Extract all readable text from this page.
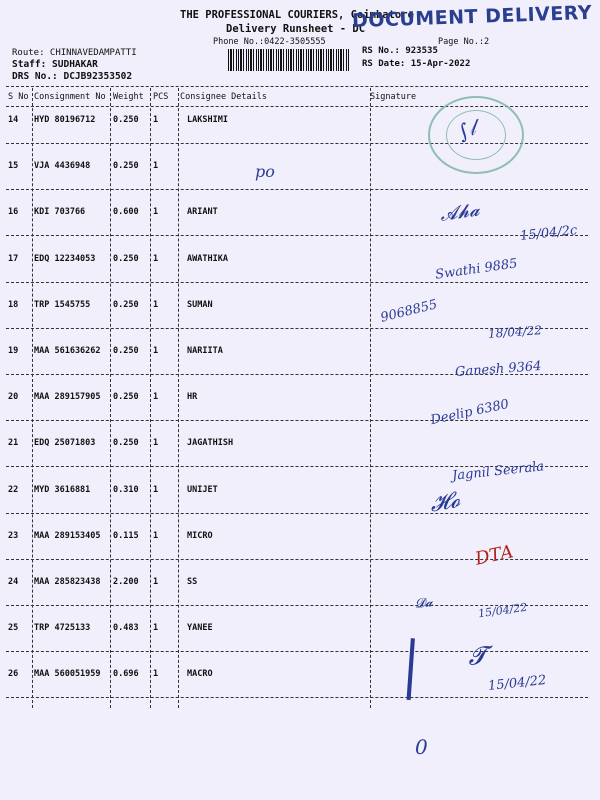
THE PROFESSIONAL COURIERS, Coimbatore
Delivery Runsheet - DC
Phone No.:0422-3505555	Page No.:2
DOCUMENT DELIVERY
Route: CHINNAVEDAMPATTI
Staff: SUDHAKAR
DRS No.: DCJB92353502
RS No.: 923535
RS Date: 15-Apr-2022
S No Consignment No Weight PCS Consignee Details	Signature
14 HYD 80196712 0.250 1	LAKSHIMI
15 VJA 4436948	0.250 1
16 KDI 703766	0.600 1	ARIANT
17 EDQ 12234053 0.250 1	AWATHIKA
18 TRP 1545755	0.250 1	SUMAN
19 MAA 561636262 0.250 1	NARIITA
20 MAA 289157905 0.250 1	HR
21 EDQ 25071803 0.250 1	JAGATHISH
22 MYD 3616881	0.310 1	UNIJET
23 MAA 289153405 0.115 1	MICRO
24 MAA 285823438 2.200 1	SS
25 TRP 4725133	0.483 1	YANEE
26 MAA 560051959 0.696 1	MACRO
∫𝓁
po
𝓐𝓱𝓪
15/04/2c
Swathi 9885
9068855
18/04/22
Ganesh 9364
Deelip 6380
Jagnil Seerala
𝓗𝓸
DTA
𝓓𝓪	15/04/22
𝓣
15/04/22
0
│
